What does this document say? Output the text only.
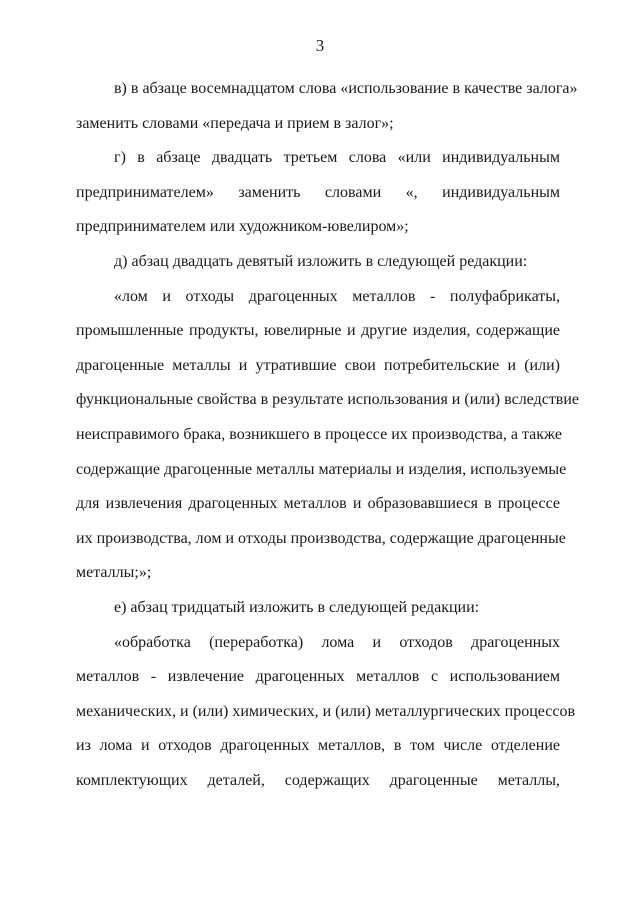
3
в) в абзаце восемнадцатом слова «использование в качестве залога»
заменить словами «передача и прием в залог»;
г) в абзаце двадцать третьем слова «или индивидуальным
предпринимателем» заменить словами «, индивидуальным
предпринимателем или художником-ювелиром»;
д) абзац двадцать девятый изложить в следующей редакции:
«лом и отходы драгоценных металлов - полуфабрикаты,
промышленные продукты, ювелирные и другие изделия, содержащие
драгоценные металлы и утратившие свои потребительские и (или)
функциональные свойства в результате использования и (или) вследствие
неисправимого брака, возникшего в процессе их производства, а также
содержащие драгоценные металлы материалы и изделия, используемые
для извлечения драгоценных металлов и образовавшиеся в процессе
их производства, лом и отходы производства, содержащие драгоценные
металлы;»;
е) абзац тридцатый изложить в следующей редакции:
«обработка (переработка) лома и отходов драгоценных
металлов - извлечение драгоценных металлов с использованием
механических, и (или) химических, и (или) металлургических процессов
из лома и отходов драгоценных металлов, в том числе отделение
комплектующих деталей, содержащих драгоценные металлы,
